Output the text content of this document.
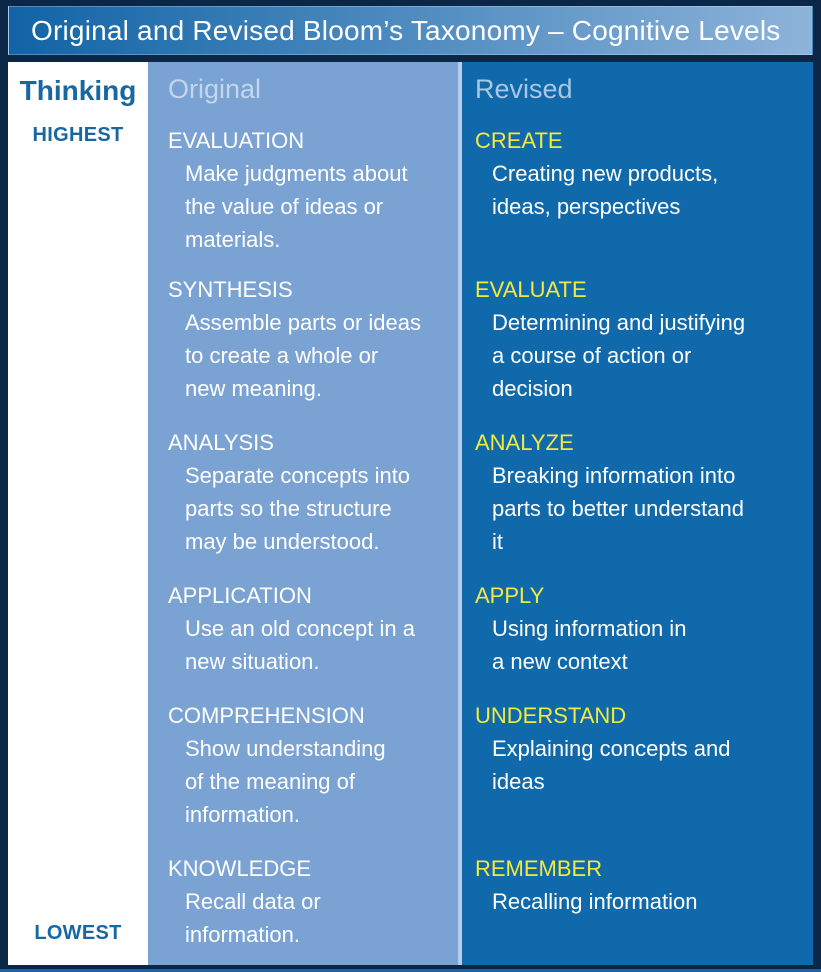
Original and Revised Bloom’s Taxonomy – Cognitive Levels
Thinking
HIGHEST
LOWEST
Original
EVALUATION
Make judgments about
the value of ideas or
materials.
SYNTHESIS
Assemble parts or ideas
to create a whole or
new meaning.
ANALYSIS
Separate concepts into
parts so the structure
may be understood.
APPLICATION
Use an old concept in a
new situation.
COMPREHENSION
Show understanding
of the meaning of
information.
KNOWLEDGE
Recall data or
information.
Revised
CREATE
Creating new products,
ideas, perspectives
EVALUATE
Determining and justifying
a course of action or
decision
ANALYZE
Breaking information into
parts to better understand
it
APPLY
Using information in
a new context
UNDERSTAND
Explaining concepts and
ideas
REMEMBER
Recalling information
